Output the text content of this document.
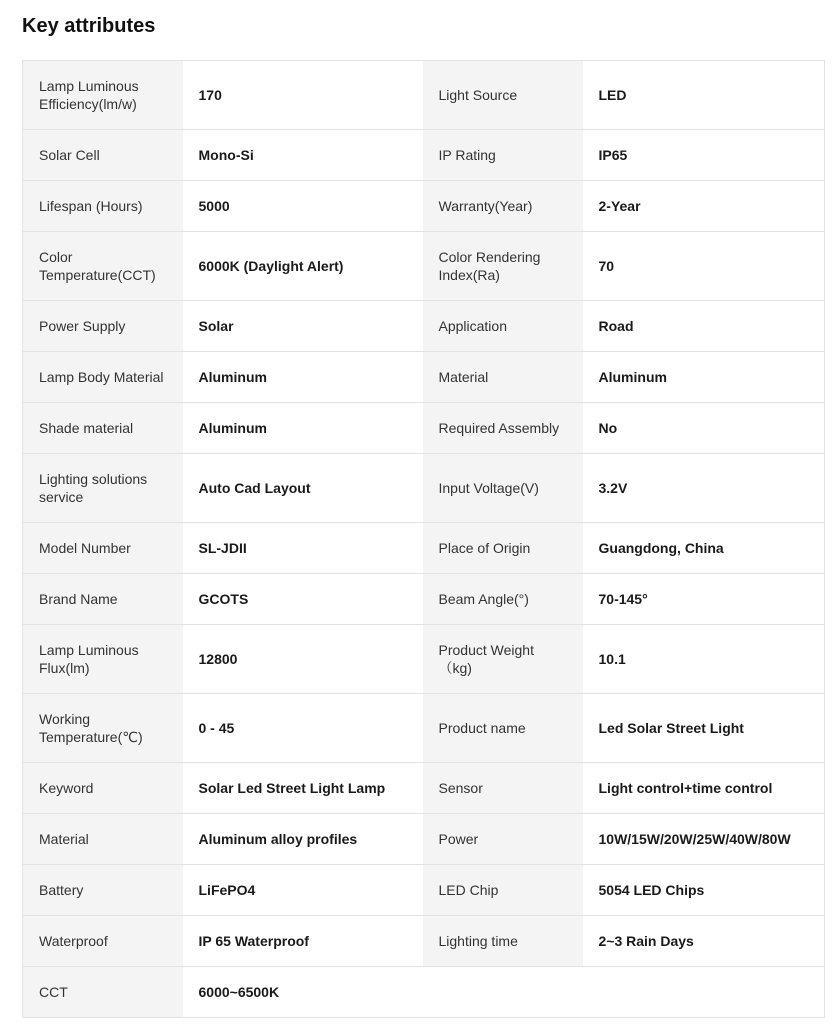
Key attributes
Lamp Luminous Efficiency(lm/w)	170	Light Source	LED
Solar Cell	Mono-Si	IP Rating	IP65
Lifespan (Hours)	5000	Warranty(Year)	2-Year
Color Temperature(CCT)	6000K (Daylight Alert)	Color Rendering Index(Ra)	70
Power Supply	Solar	Application	Road
Lamp Body Material	Aluminum	Material	Aluminum
Shade material	Aluminum	Required Assembly	No
Lighting solutions service	Auto Cad Layout	Input Voltage(V)	3.2V
Model Number	SL-JDII	Place of Origin	Guangdong, China
Brand Name	GCOTS	Beam Angle(°)	70-145°
Lamp Luminous Flux(lm)	12800	Product Weight （kg)	10.1
Working Temperature(℃)	0 - 45	Product name	Led Solar Street Light
Keyword	Solar Led Street Light Lamp	Sensor	Light control+time control
Material	Aluminum alloy profiles	Power	10W/15W/20W/25W/40W/80W
Battery	LiFePO4	LED Chip	5054 LED Chips
Waterproof	IP 65 Waterproof	Lighting time	2~3 Rain Days
CCT	6000~6500K		
